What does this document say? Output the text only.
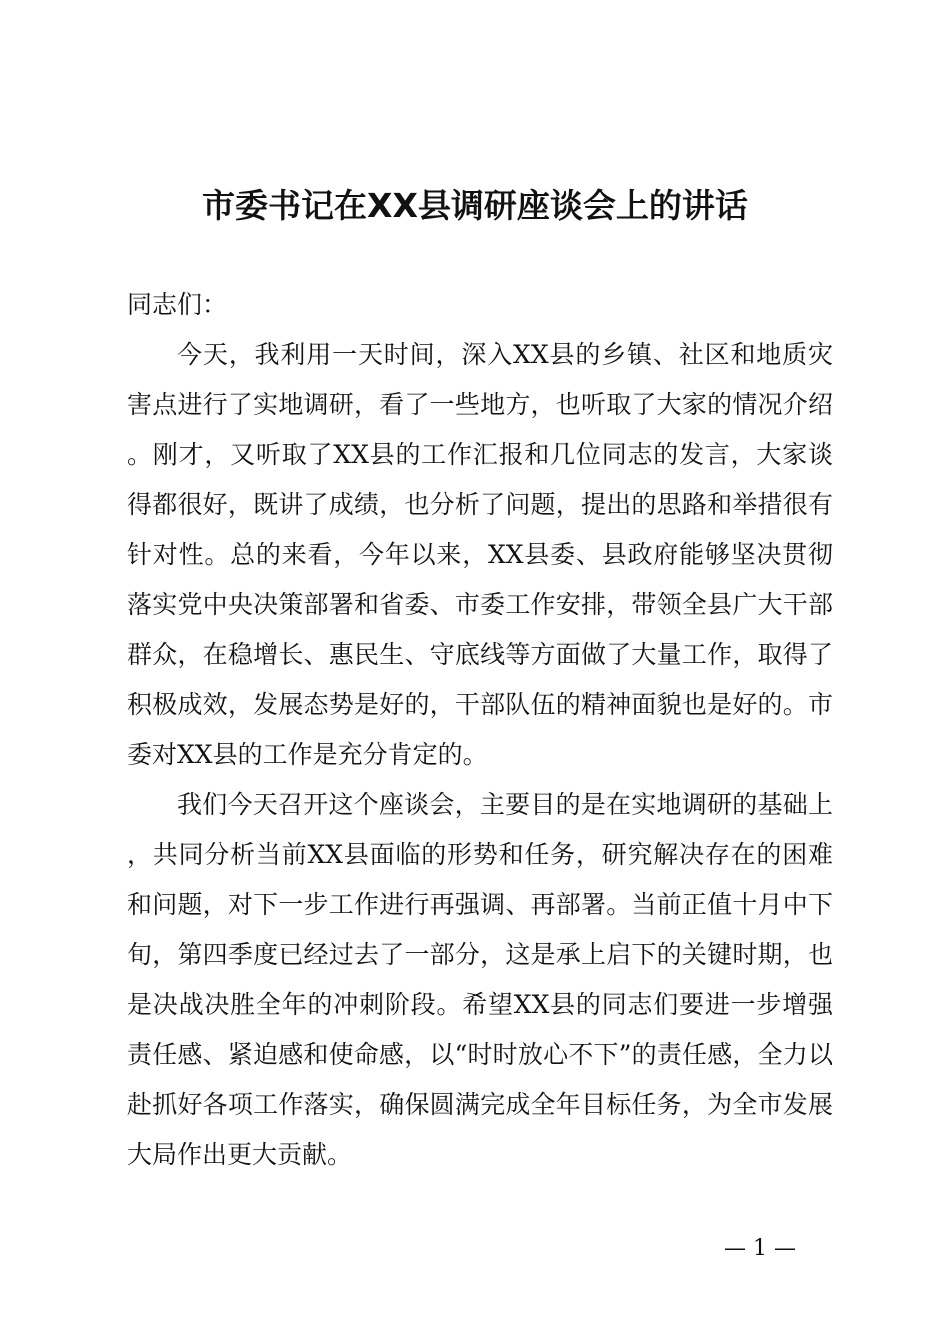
市委书记在XX县调研座谈会上的讲话

同志们：

今天，我利用一天时间，深入XX县的乡镇、社区和地质灾害点进行了实地调研，看了一些地方，也听取了大家的情况介绍。刚才，又听取了XX县的工作汇报和几位同志的发言，大家谈得都很好，既讲了成绩，也分析了问题，提出的思路和举措很有针对性。总的来看，今年以来，XX县委、县政府能够坚决贯彻落实党中央决策部署和省委、市委工作安排，带领全县广大干部群众，在稳增长、惠民生、守底线等方面做了大量工作，取得了积极成效，发展态势是好的，干部队伍的精神面貌也是好的。市委对XX县的工作是充分肯定的。

我们今天召开这个座谈会，主要目的是在实地调研的基础上，共同分析当前XX县面临的形势和任务，研究解决存在的困难和问题，对下一步工作进行再强调、再部署。当前正值十月中下旬，第四季度已经过去了一部分，这是承上启下的关键时期，也是决战决胜全年的冲刺阶段。希望XX县的同志们要进一步增强责任感、紧迫感和使命感，以“时时放心不下”的责任感，全力以赴抓好各项工作落实，确保圆满完成全年目标任务，为全市发展大局作出更大贡献。

— 1 —
